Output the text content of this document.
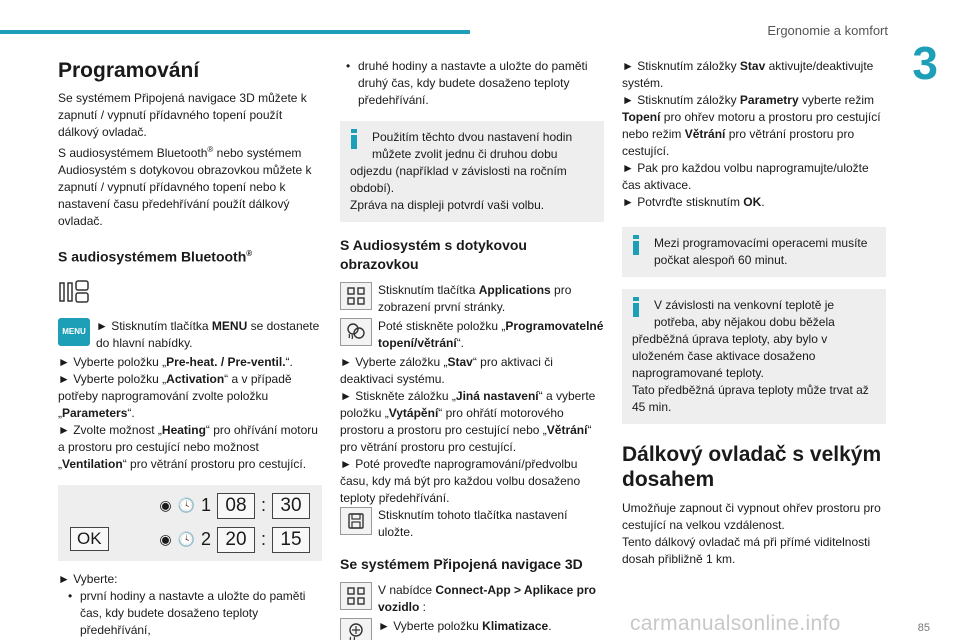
Ergonomie a komfort
3
85
Programování

Se systémem Připojená navigace 3D můžete k zapnutí / vypnutí přídavného topení použít dálkový ovladač.

S audiosystémem Bluetooth® nebo systémem Audiosystém s dotykovou obrazovkou můžete k zapnutí / vypnutí přídavného topení nebo k nastavení času předehřívání použít dálkový ovladač.

S audiosystémem Bluetooth®
MENU ► Stisknutím tlačítka MENU se dostanete do hlavní nabídky.

► Vyberte položku „Pre-heat. / Pre-ventil.“.

► Vyberte položku „Activation“ a v případě potřeby naprogramování zvolte položku „Parameters“.

► Zvolte možnost „Heating“ pro ohřívání motoru a prostoru pro cestující nebo možnost „Ventilation“ pro větrání prostoru pro cestující.

◉ 🕓 1 08 : 30
OK	◉ 🕓 2 20 : 15

► Vyberte:

• první hodiny a nastavte a uložte do paměti čas, kdy budete dosaženo teploty předehřívání,
• druhé hodiny a nastavte a uložte do paměti druhý čas, kdy budete dosaženo teploty předehřívání.

Použitím těchto dvou nastavení hodin můžete zvolit jednu či druhou dobu

odjezdu (například v závislosti na ročním období).

Zpráva na displeji potvrdí vaši volbu.

S Audiosystém s dotykovou obrazovkou

Stisknutím tlačítka Applications pro zobrazení první stránky.

Poté stiskněte položku „Programovatelné topení/větrání“.

► Vyberte záložku „Stav“ pro aktivaci či deaktivaci systému.

► Stiskněte záložku „Jiná nastavení“ a vyberte položku „Vytápění“ pro ohřátí motorového prostoru a prostoru pro cestující nebo „Větrání“ pro větrání prostoru pro cestující.

► Poté proveďte naprogramování/předvolbu času, kdy má být pro každou volbu dosaženo teploty předehřívání.

Stisknutím tohoto tlačítka nastavení uložte.

Se systémem Připojená navigace 3D

V nabídce Connect-App > Aplikace pro vozidlo :

► Vyberte položku Klimatizace.

► Stisknutím záložky Stav aktivujte/deaktivujte systém.

► Stisknutím záložky Parametry vyberte režim Topení pro ohřev motoru a prostoru pro cestující nebo režim Větrání pro větrání prostoru pro cestující.

► Pak pro každou volbu naprogramujte/uložte čas aktivace.

► Potvrďte stisknutím OK.

Mezi programovacími operacemi musíte počkat alespoň 60 minut.

V závislosti na venkovní teplotě je potřeba, aby nějakou dobu běžela

předběžná úprava teploty, aby bylo v uloženém čase aktivace dosaženo naprogramované teploty.

Tato předběžná úprava teploty může trvat až 45 min.

Dálkový ovladač s velkým dosahem

Umožňuje zapnout či vypnout ohřev prostoru pro cestující na velkou vzdálenost.

Tento dálkový ovladač má při přímé viditelnosti dosah přibližně 1 km.

carmanualsonline.info
